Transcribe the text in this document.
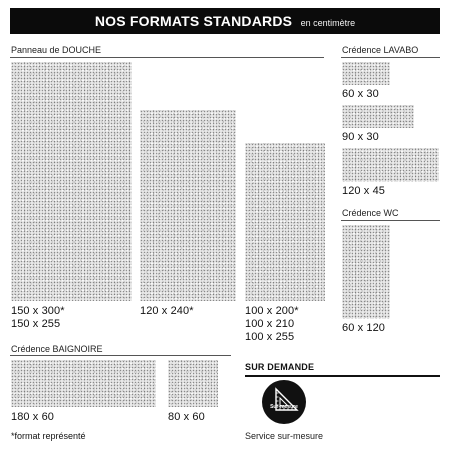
NOS FORMATS STANDARDS en centimètre
Panneau de DOUCHE
150 x 300*
150 x 255
120 x 240*	100 x 200*
100 x 210
100 x 255
Crédence LAVABO
60 x 30
90 x 30
120 x 45
Crédence WC
60 x 120
Crédence BAIGNOIRE
180 x 60	80 x 60
*format représenté
SUR DEMANDE
Sur-mesure
Service sur-mesure
